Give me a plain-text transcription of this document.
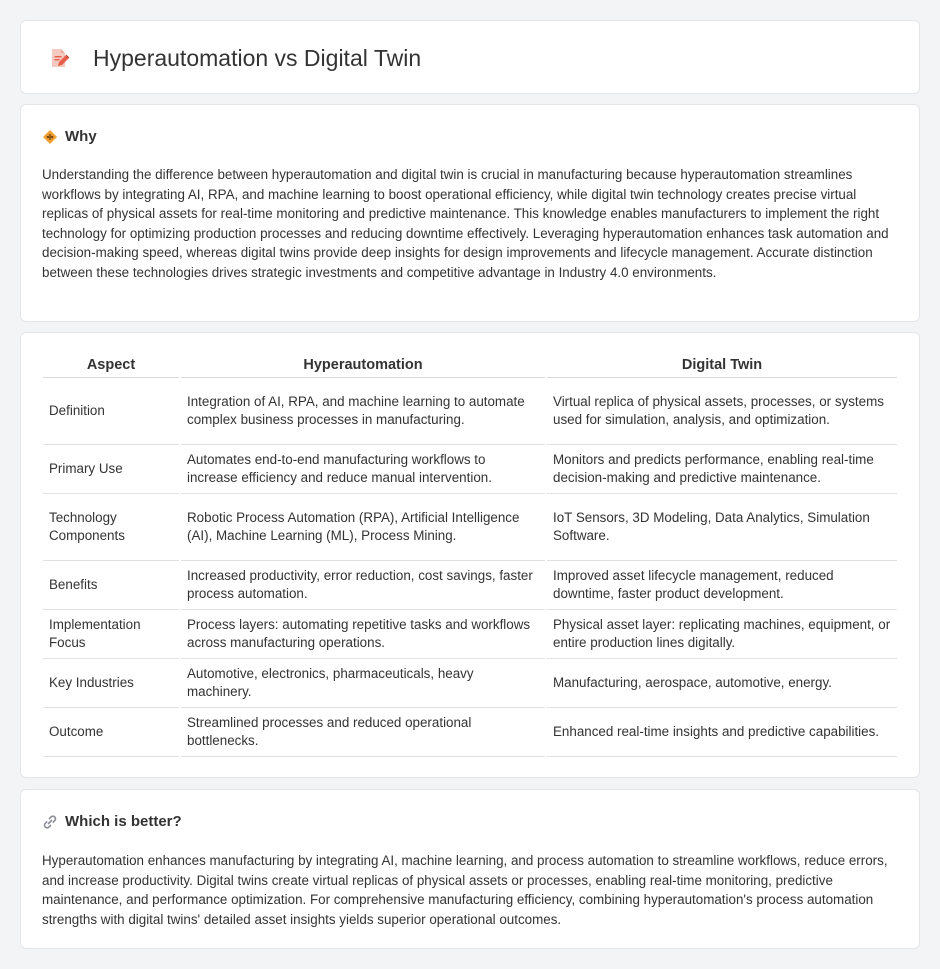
Hyperautomation vs Digital Twin
Why

Understanding the difference between hyperautomation and digital twin is crucial in manufacturing because hyperautomation streamlines workflows by integrating AI, RPA, and machine learning to boost operational efficiency, while digital twin technology creates precise virtual replicas of physical assets for real-time monitoring and predictive maintenance. This knowledge enables manufacturers to implement the right technology for optimizing production processes and reducing downtime effectively. Leveraging hyperautomation enhances task automation and decision-making speed, whereas digital twins provide deep insights for design improvements and lifecycle management. Accurate distinction between these technologies drives strategic investments and competitive advantage in Industry 4.0 environments.

Aspect	Hyperautomation	Digital Twin
Definition	Integration of AI, RPA, and machine learning to automate complex business processes in manufacturing.	Virtual replica of physical assets, processes, or systems used for simulation, analysis, and optimization.
Primary Use	Automates end-to-end manufacturing workflows to increase efficiency and reduce manual intervention.	Monitors and predicts performance, enabling real-time decision-making and predictive maintenance.
Technology Components	Robotic Process Automation (RPA), Artificial Intelligence (AI), Machine Learning (ML), Process Mining.	IoT Sensors, 3D Modeling, Data Analytics, Simulation Software.
Benefits	Increased productivity, error reduction, cost savings, faster process automation.	Improved asset lifecycle management, reduced downtime, faster product development.
Implementation Focus	Process layers: automating repetitive tasks and workflows across manufacturing operations.	Physical asset layer: replicating machines, equipment, or entire production lines digitally.
Key Industries	Automotive, electronics, pharmaceuticals, heavy machinery.	Manufacturing, aerospace, automotive, energy.
Outcome	Streamlined processes and reduced operational bottlenecks.	Enhanced real-time insights and predictive capabilities.
Which is better?

Hyperautomation enhances manufacturing by integrating AI, machine learning, and process automation to streamline workflows, reduce errors, and increase productivity. Digital twins create virtual replicas of physical assets or processes, enabling real-time monitoring, predictive maintenance, and performance optimization. For comprehensive manufacturing efficiency, combining hyperautomation's process automation strengths with digital twins' detailed asset insights yields superior operational outcomes.
